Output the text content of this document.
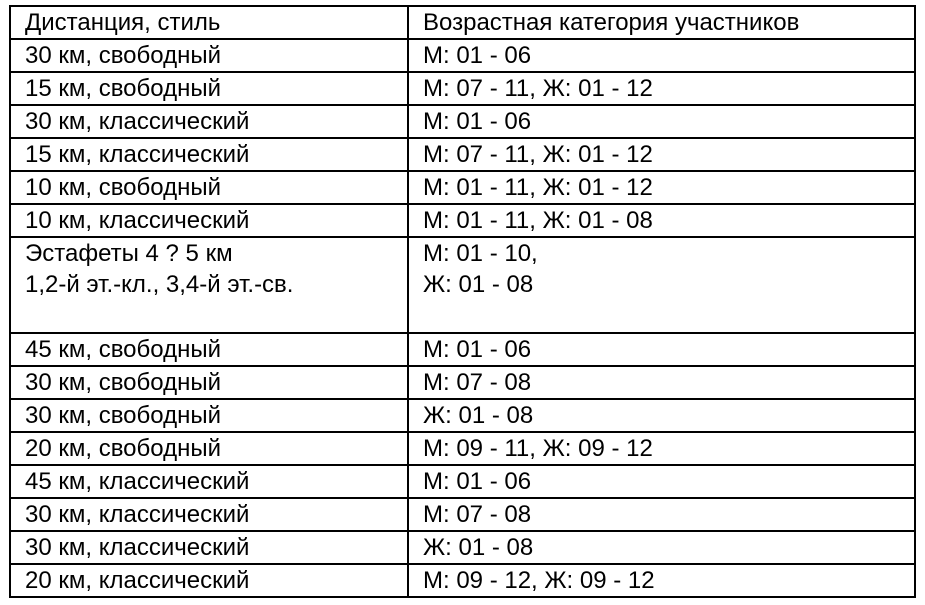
Дистанция, стиль	Возрастная категория участников

30 км, свободный	М: 01 - 06

15 км, свободный	М: 07 - 11, Ж: 01 - 12

30 км, классический	М: 01 - 06

15 км, классический	М: 07 - 11, Ж: 01 - 12

10 км, свободный	М: 01 - 11, Ж: 01 - 12

10 км, классический	М: 01 - 11, Ж: 01 - 08

Эстафеты 4 ? 5 км
1,2-й эт.-кл., 3,4-й эт.-св.	М: 01 - 10,
Ж: 01 - 08

45 км, свободный	М: 01 - 06

30 км, свободный	М: 07 - 08

30 км, свободный	Ж: 01 - 08

20 км, свободный	М: 09 - 11, Ж: 09 - 12

45 км, классический	М: 01 - 06

30 км, классический	М: 07 - 08

30 км, классический	Ж: 01 - 08

20 км, классический	М: 09 - 12, Ж: 09 - 12
